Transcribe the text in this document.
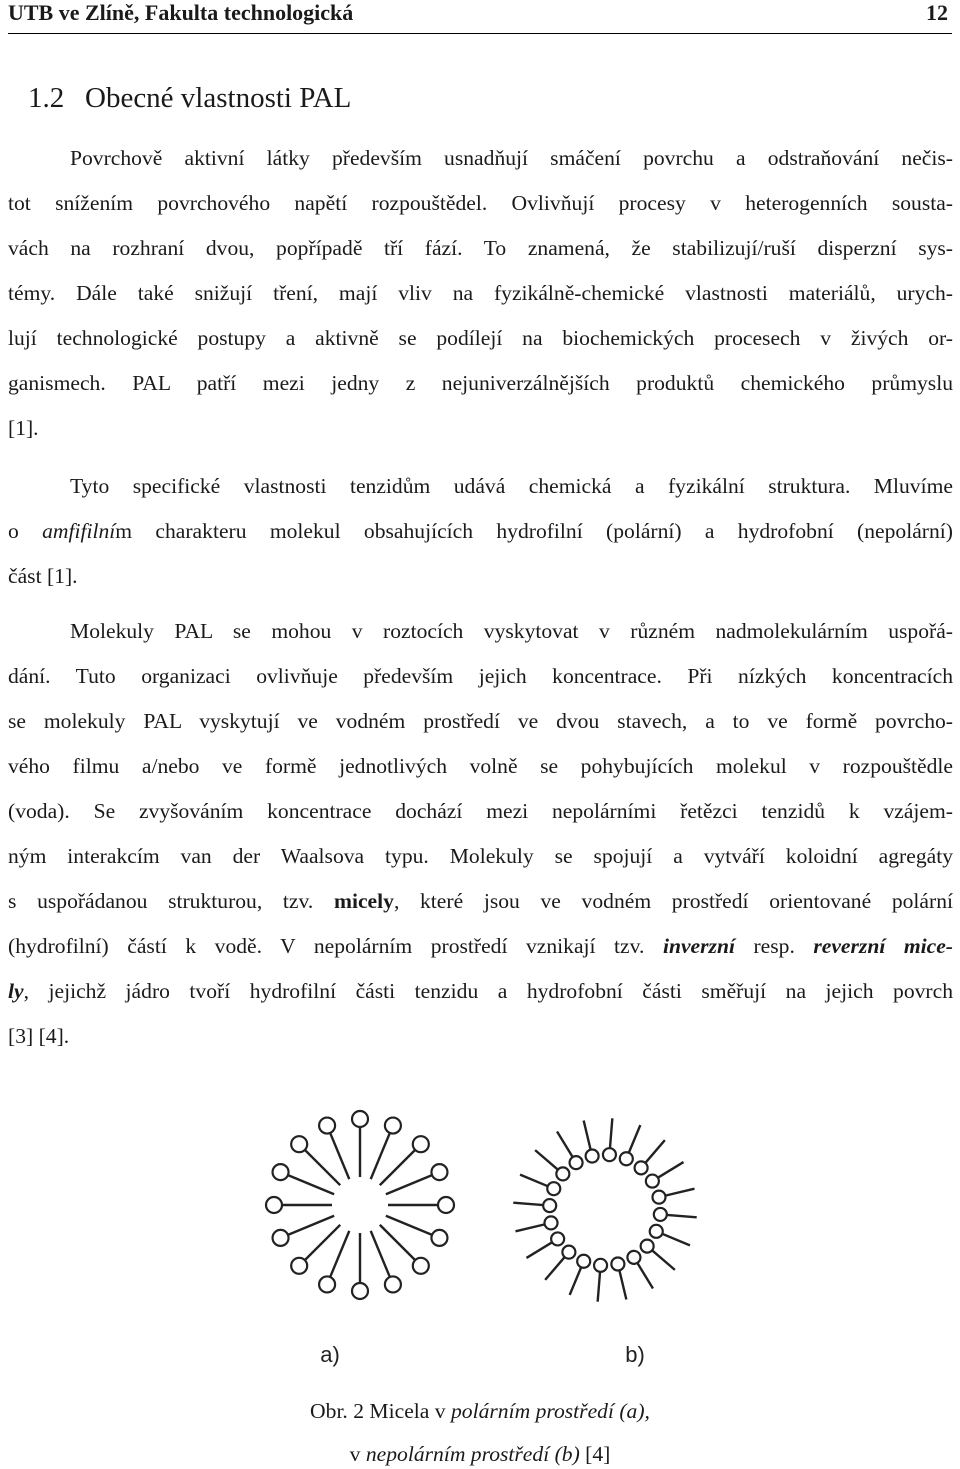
UTB ve Zlíně, Fakulta technologická	12
1.2 Obecné vlastnosti PAL
Povrchově aktivní látky především usnadňují smáčení povrchu a odstraňování nečis-
tot snížením povrchového napětí rozpouštědel. Ovlivňují procesy v heterogenních sousta-
vách na rozhraní dvou, popřípadě tří fází. To znamená, že stabilizují/ruší disperzní sys-
témy. Dále také snižují tření, mají vliv na fyzikálně-chemické vlastnosti materiálů, urych-
lují technologické postupy a aktivně se podílejí na biochemických procesech v živých or-
ganismech. PAL patří mezi jedny z nejuniverzálnějších produktů chemického průmyslu
[1].
Tyto specifické vlastnosti tenzidům udává chemická a fyzikální struktura. Mluvíme
o amfifilním charakteru molekul obsahujících hydrofilní (polární) a hydrofobní (nepolární)
část [1].
Molekuly PAL se mohou v roztocích vyskytovat v různém nadmolekulárním uspořá-
dání. Tuto organizaci ovlivňuje především jejich koncentrace. Při nízkých koncentracích
se molekuly PAL vyskytují ve vodném prostředí ve dvou stavech, a to ve formě povrcho-
vého filmu a/nebo ve formě jednotlivých volně se pohybujících molekul v rozpouštědle
(voda). Se zvyšováním koncentrace dochází mezi nepolárními řetězci tenzidů k vzájem-
ným interakcím van der Waalsova typu. Molekuly se spojují a vytváří koloidní agregáty
s uspořádanou strukturou, tzv. micely, které jsou ve vodném prostředí orientované polární
(hydrofilní) částí k vodě. V nepolárním prostředí vznikají tzv. inverzní resp. reverzní mice-
ly, jejichž jádro tvoří hydrofilní části tenzidu a hydrofobní části směřují na jejich povrch
[3] [4].
a)	b)
Obr. 2 Micela v polárním prostředí (a),
v nepolárním prostředí (b) [4]
